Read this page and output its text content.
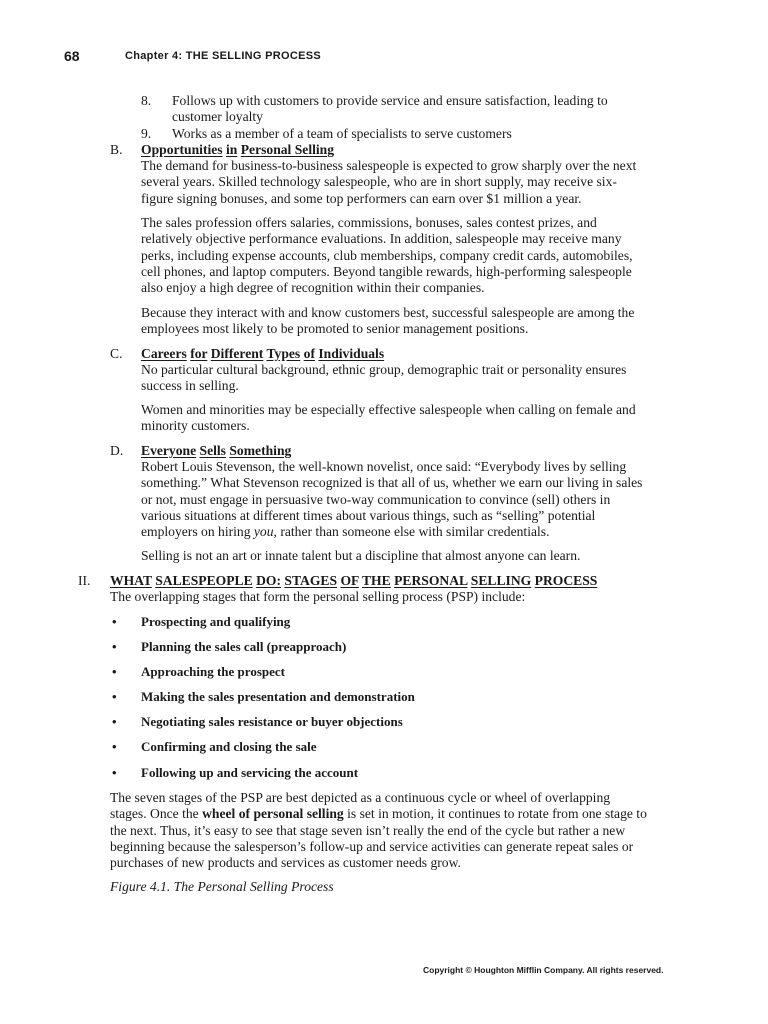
68	Chapter 4: THE SELLING PROCESS
8. Follows up with customers to provide service and ensure satisfaction, leading to
customer loyalty
9. Works as a member of a team of specialists to serve customers
B. Opportunities in Personal Selling
The demand for business-to-business salespeople is expected to grow sharply over the next several years. Skilled technology salespeople, who are in short supply, may receive six-figure signing bonuses, and some top performers can earn over $1 million a year.
The sales profession offers salaries, commissions, bonuses, sales contest prizes, and relatively objective performance evaluations. In addition, salespeople may receive many perks, including expense accounts, club memberships, company credit cards, automobiles, cell phones, and laptop computers. Beyond tangible rewards, high-performing salespeople also enjoy a high degree of recognition within their companies.
Because they interact with and know customers best, successful salespeople are among the employees most likely to be promoted to senior management positions.
C. Careers for Different Types of Individuals
No particular cultural background, ethnic group, demographic trait or personality ensures success in selling.
Women and minorities may be especially effective salespeople when calling on female and minority customers.
D. Everyone Sells Something
Robert Louis Stevenson, the well-known novelist, once said: “Everybody lives by selling something.” What Stevenson recognized is that all of us, whether we earn our living in sales or not, must engage in persuasive two-way communication to convince (sell) others in various situations at different times about various things, such as “selling” potential employers on hiring you, rather than someone else with similar credentials.
Selling is not an art or innate talent but a discipline that almost anyone can learn.
II. WHAT SALESPEOPLE DO: STAGES OF THE PERSONAL SELLING PROCESS
The overlapping stages that form the personal selling process (PSP) include:
• Prospecting and qualifying
• Planning the sales call (preapproach)
• Approaching the prospect
• Making the sales presentation and demonstration
• Negotiating sales resistance or buyer objections
• Confirming and closing the sale
• Following up and servicing the account
The seven stages of the PSP are best depicted as a continuous cycle or wheel of overlapping stages. Once the wheel of personal selling is set in motion, it continues to rotate from one stage to the next. Thus, it’s easy to see that stage seven isn’t really the end of the cycle but rather a new beginning because the salesperson’s follow-up and service activities can generate repeat sales or purchases of new products and services as customer needs grow.
Figure 4.1. The Personal Selling Process
Copyright © Houghton Mifflin Company. All rights reserved.
